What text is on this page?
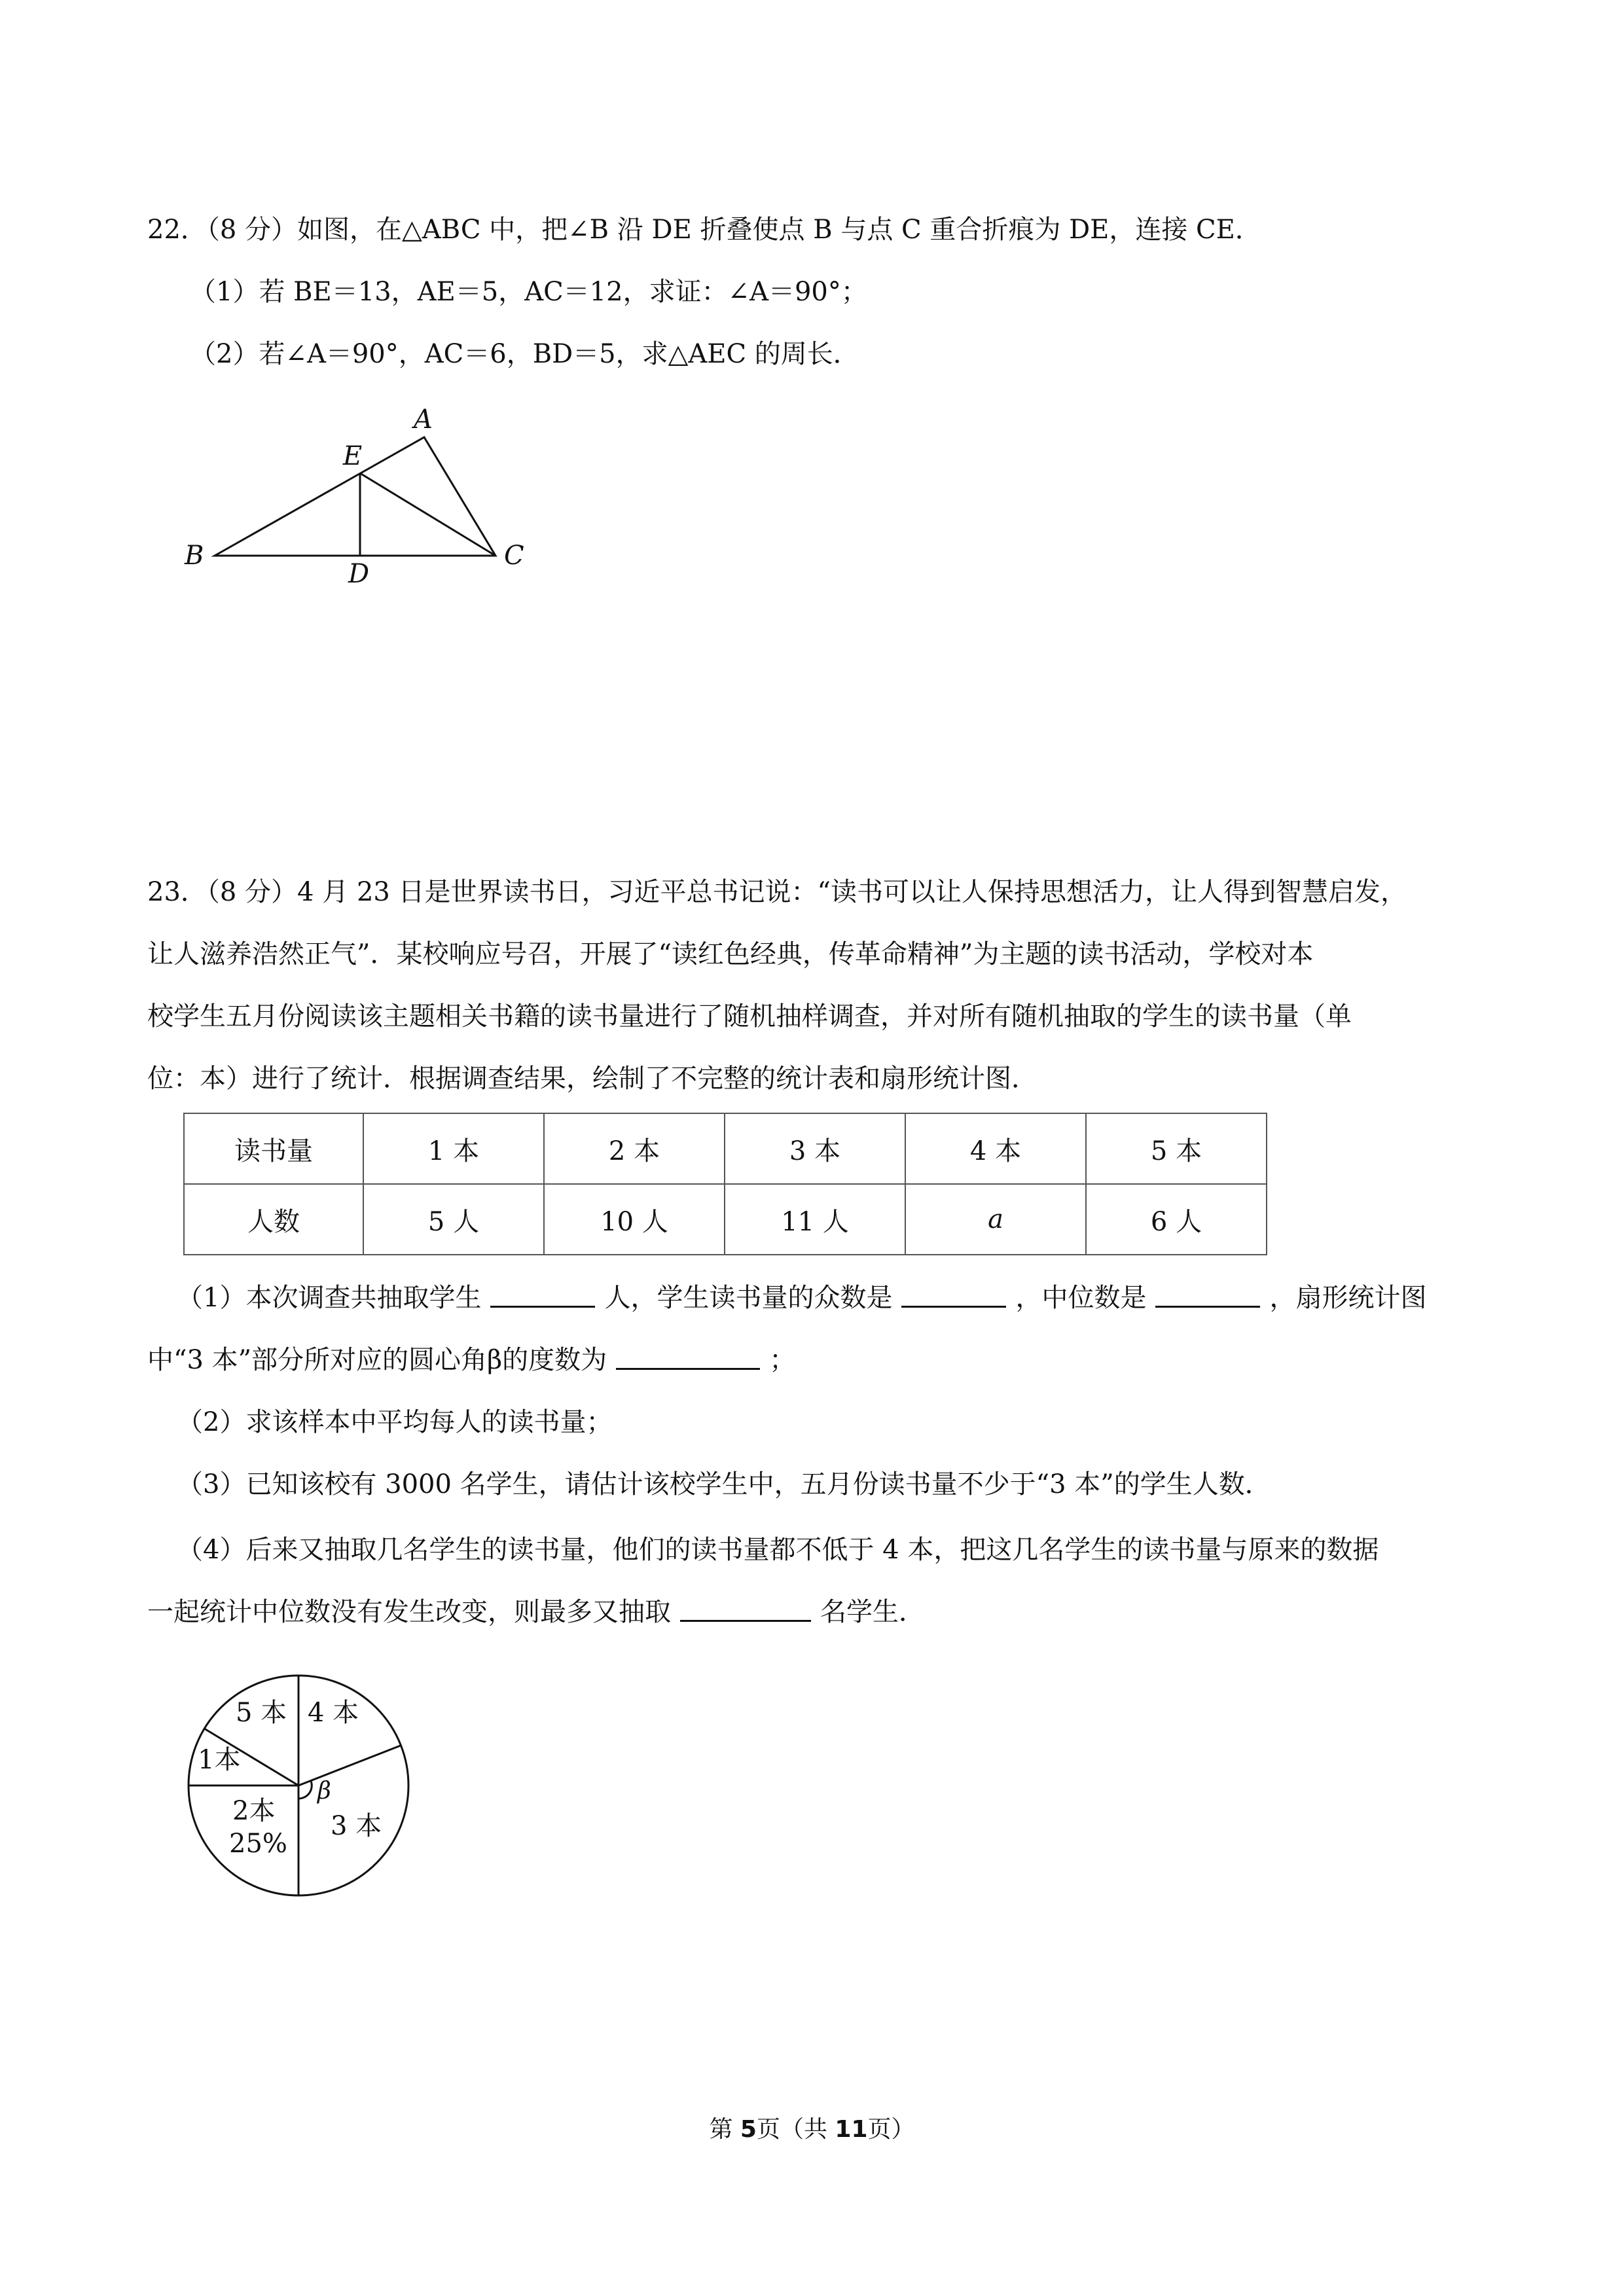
22．（8 分）如图，在△ABC 中，把∠B 沿 DE 折叠使点 B 与点 C 重合折痕为 DE，连接 CE．
（1）若 BE＝13，AE＝5，AC＝12，求证：∠A＝90°；
（2）若∠A＝90°，AC＝6，BD＝5，求△AEC 的周长．
A
E
B
D
C
23．（8 分）4 月 23 日是世界读书日，习近平总书记说：“读书可以让人保持思想活力，让人得到智慧启发，
让人滋养浩然正气”．某校响应号召，开展了“读红色经典，传革命精神”为主题的读书活动，学校对本
校学生五月份阅读该主题相关书籍的读书量进行了随机抽样调查，并对所有随机抽取的学生的读书量（单
位：本）进行了统计．根据调查结果，绘制了不完整的统计表和扇形统计图．
读书量	1 本	2 本	3 本	4 本	5 本
人数	5 人	10 人	11 人	a	6 人
（1）本次调查共抽取学生	人，学生读书量的众数是	，中位数是	，扇形统计图
中“3 本”部分所对应的圆心角β的度数为	；
（2）求该样本中平均每人的读书量；
（3）已知该校有 3000 名学生，请估计该校学生中，五月份读书量不少于“3 本”的学生人数．
（4）后来又抽取几名学生的读书量，他们的读书量都不低于 4 本，把这几名学生的读书量与原来的数据
一起统计中位数没有发生改变，则最多又抽取	名学生．
5 本 4 本
1本
2本
25%
3 本
β
第 5页（共 11页）
